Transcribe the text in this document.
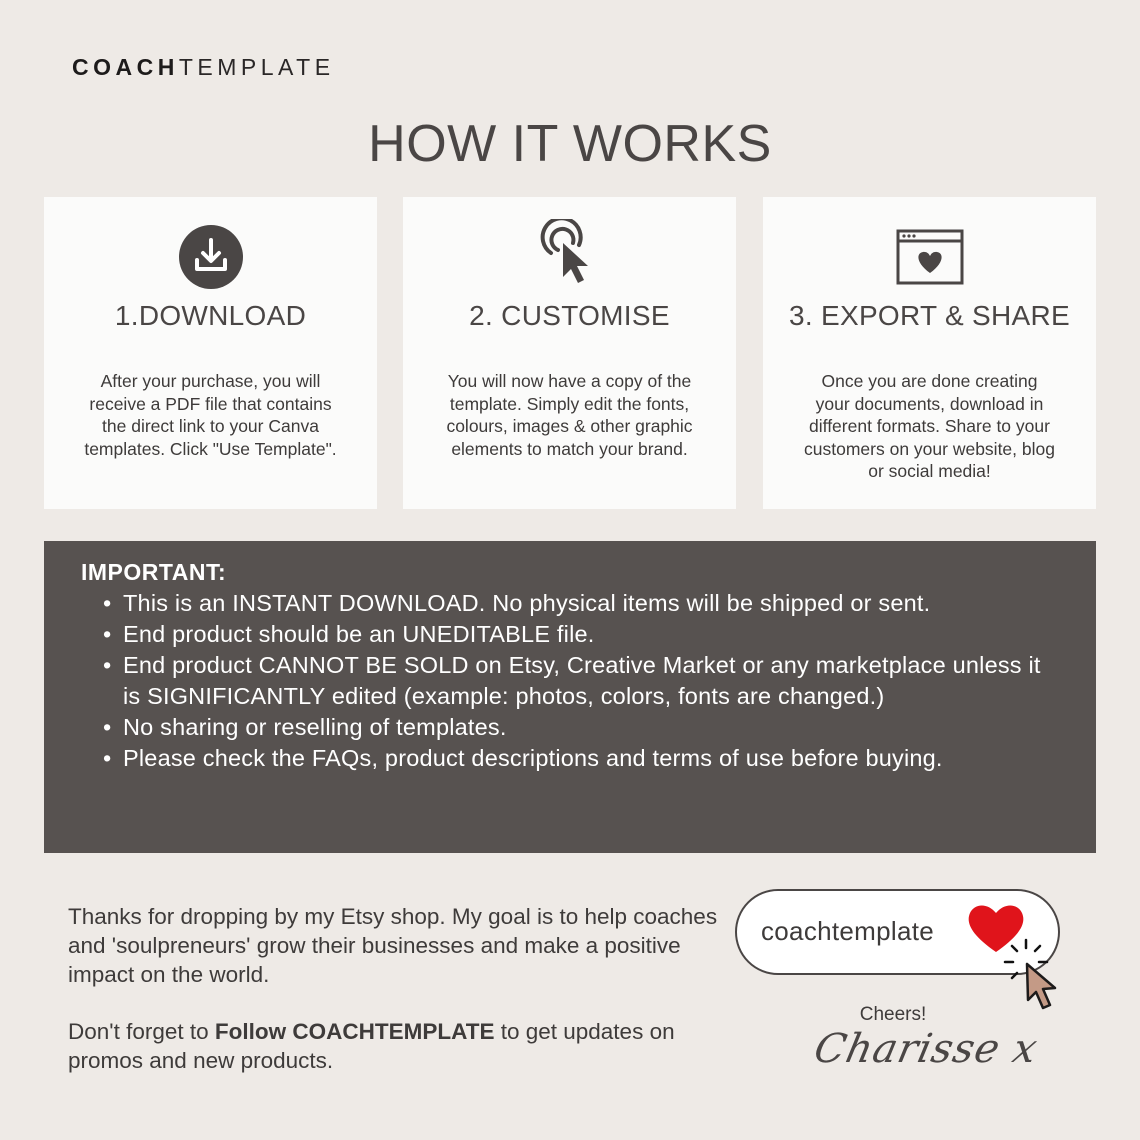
COACHTEMPLATE
HOW IT WORKS
1.DOWNLOAD

After your purchase, you will receive a PDF file that contains the direct link to your Canva templates. Click "Use Template".

2. CUSTOMISE

You will now have a copy of the template. Simply edit the fonts, colours, images & other graphic elements to match your brand.

3. EXPORT & SHARE

Once you are done creating your documents, download in different formats. Share to your customers on your website, blog or social media!

IMPORTANT:
• This is an INSTANT DOWNLOAD. No physical items will be shipped or sent.
• End product should be an UNEDITABLE file.
• End product CANNOT BE SOLD on Etsy, Creative Market or any marketplace unless it is SIGNIFICANTLY edited (example: photos, colors, fonts are changed.)
• No sharing or reselling of templates.
• Please check the FAQs, product descriptions and terms of use before buying.

Thanks for dropping by my Etsy shop. My goal is to help coaches and 'soulpreneurs' grow their businesses and make a positive impact on the world.

Don't forget to Follow COACHTEMPLATE to get updates on promos and new products.

coachtemplate
Cheers!
Charisse x
